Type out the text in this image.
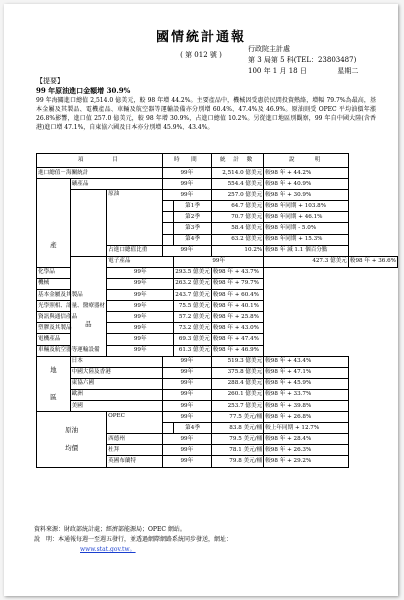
國情統計通報
( 第 012 號 )
行政院主計處
第 3 局第 5 科(TEL：23803487)
100 年 1 月 18 日	星期二
【提要】
99 年原油進口金額增 30.9%
99 年海關進口總值 2,514.0 億美元，較 98 年增 44.2%。主要產品中，機械因受惠於民間投資熱絡，增幅 79.7%為最高，基本金屬及其製品、電機產品、車輛及航空器等運輸設備亦分別增 60.4%、47.4%及 46.9%。原油則受 OPEC 平均油價年漲 26.8%影響，進口值 257.0 億美元，較 98 年增 30.9%，占進口總值 10.2%。另從進口地區別觀察，99 年自中國大陸(含香港)進口增 47.1%，自東協六國及日本亦分別增 45.9%、43.4%。
項　　　目			時　間		統 計 數	說　　明	
進口總值－海關統計			99年		2,514.0 億美元	較98 年 + 44.2%	

產	礦產品		99年		554.4 億美元	較98 年 + 40.9%	
		原油	99年		257.0 億美元	較98 年 + 30.9%	
				第1季	64.7 億美元	較98 年同期 + 103.8%	
				第2季	70.7 億美元	較98 年同期 + 46.1%	
				第3季	58.4 億美元	較98 年同期 - 5.0%	
				第4季	63.2 億美元	較98 年同期 + 15.3%	
		占進口總值比重	99年		10.2%	較98 年 減 1.1 個百分點	

品	電子產品		99年		427.3 億美元	較98 年 + 36.6%
化學品		99年		293.5 億美元	較98 年 + 43.7%		
機械		99年		263.2 億美元	較98 年 + 79.7%		
基本金屬及其製品		99年		243.7 億美元	較98 年 + 60.4%		
光學照相、計量、醫療器材		99年		75.5 億美元	較98 年 + 40.1%		
資訊與通信產品		99年		57.2 億美元	較98 年 + 25.8%		
塑膠及其製品		99年		73.2 億美元	較98 年 + 43.0%		
電機產品		99年		69.3 億美元	較98 年 + 47.4%		
車輛及航空器等運輸設備		99年		61.3 億美元	較98 年 + 46.9%		
地

區	日本		99年		519.3 億美元	較98 年 + 43.4%	
	中國大陸及香港		99年		375.8 億美元	較98 年 + 47.1%	
	東協六國		99年		288.4 億美元	較98 年 + 45.9%	
	歐洲		99年		260.1 億美元	較98 年 + 33.7%	
	美國		99年		253.7 億美元	較98 年 + 39.8%	
原油

均價		OPEC	99年		77.5 美元/桶	較98 年 + 26.8%	
				第4季	83.8 美元/桶	較上年同期 + 12.7%	
		西德州	99年		79.5 美元/桶	較98 年 + 28.4%	
		杜拜	99年		78.1 美元/桶	較98 年 + 26.3%	
		英國布蘭特	99年		79.8 美元/桶	較98 年 + 29.2%	
資料來源：財政部統計處；經濟部能源局；OPEC 網站。
說　明：本通報每週一至週五發行，並透過網際網路系統同步發送，網址：
www.stat.gov.tw。
